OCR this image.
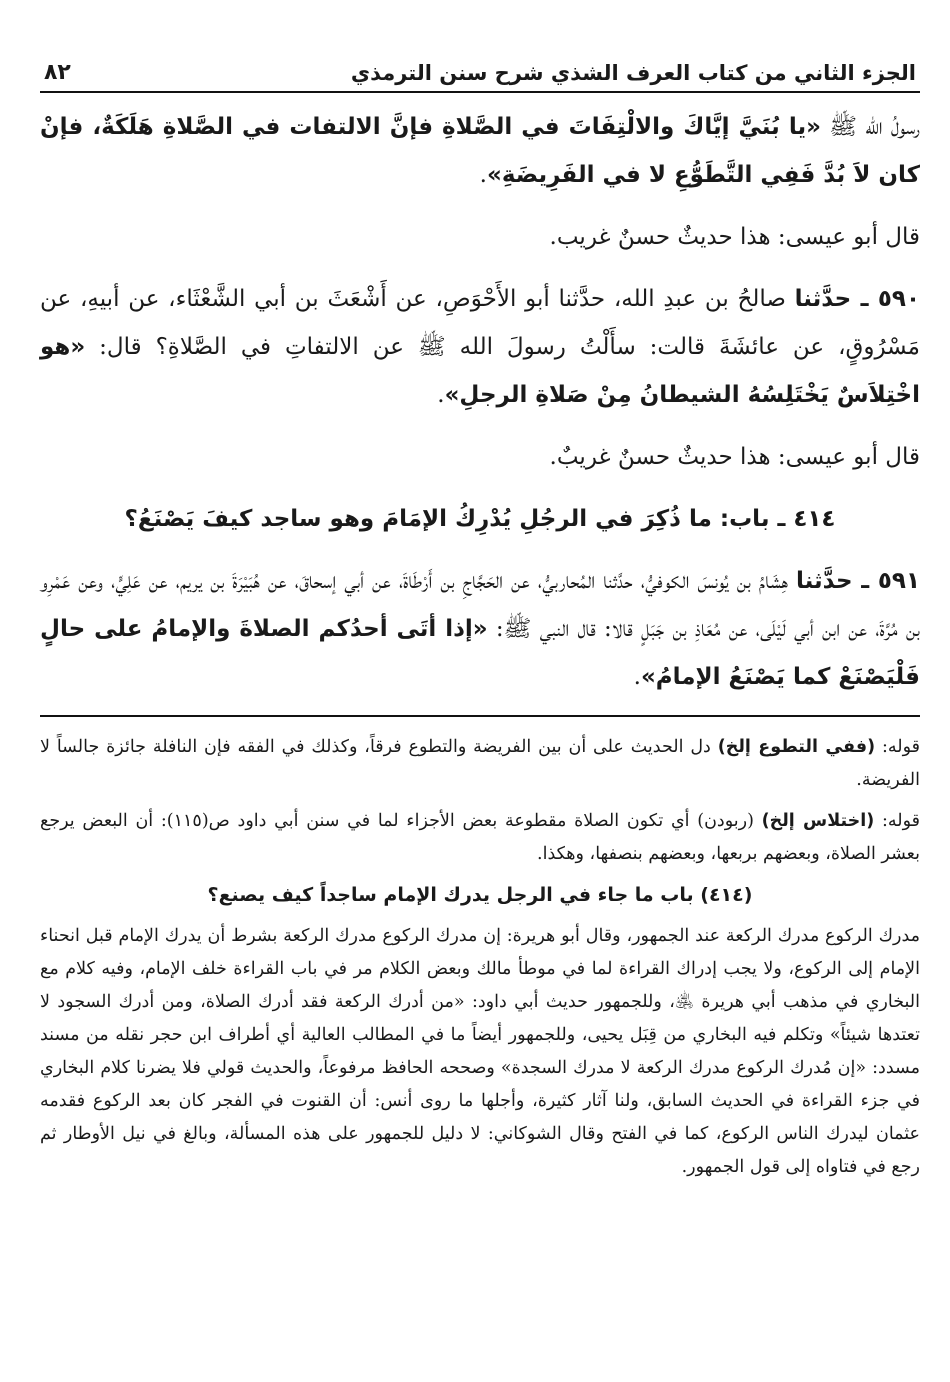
الجزء الثاني من كتاب العرف الشذي شرح سنن الترمذي
٨٢

رسولُ الله ﷺ «يا بُنَيَّ إيَّاكَ والالْتِفَاتَ في الصَّلاةِ فإنَّ الالتفات في الصَّلاةِ هَلَكَةٌ، فإنْ كان لاَ بُدَّ فَفِي التَّطَوُّعِ لا في الفَرِيضَةِ».

قال أبو عيسى: هذا حديثٌ حسنٌ غريب.

٥٩٠ ـ حدَّثنا صالحُ بن عبدِ الله، حدَّثنا أبو الأَحْوَصِ، عن أَشْعَثَ بن أبي الشَّعْثَاء، عن أبيهِ، عن مَسْرُوقٍ، عن عائشَةَ قالت: سأَلْتُ رسولَ الله ﷺ عن الالتفاتِ في الصَّلاةِ؟ قال: «هو اخْتِلاَسٌ يَخْتَلِسُهُ الشيطانُ مِنْ صَلاةِ الرجلِ».

قال أبو عيسى: هذا حديثٌ حسنٌ غريبٌ.

٤١٤ ـ باب: ما ذُكِرَ في الرجُلِ يُدْرِكُ الإمَامَ وهو ساجد كيفَ يَصْنَعُ؟

٥٩١ ـ حدَّثنا هِشَامُ بن يُونسَ الكوفيُّ، حدَّثنا المُحاربيُّ، عن الحَجَّاجِ بن أَرْطَاةَ، عن أبي إسحاقَ، عن هُبَيْرَةَ بن يريم، عن عَلِيٍّ، وعن عَمْرِو بن مُرَّةَ، عن ابن أبي لَيْلَى، عن مُعَاذِ بن جَبَلٍ قالا: قال النبي ﷺ: «إذا أتَى أحدُكم الصلاةَ والإمامُ على حالٍ فَلْيَصْنَعْ كما يَصْنَعُ الإمامُ».

قوله: (ففي التطوع إلخ) دل الحديث على أن بين الفريضة والتطوع فرقاً، وكذلك في الفقه فإن النافلة جائزة جالساً لا الفريضة.

قوله: (اختلاس إلخ) (ربودن) أي تكون الصلاة مقطوعة بعض الأجزاء لما في سنن أبي داود ص(١١٥): أن البعض يرجع بعشر الصلاة، وبعضهم بربعها، وبعضهم بنصفها، وهكذا.

(٤١٤) باب ما جاء في الرجل يدرك الإمام ساجداً كيف يصنع؟

مدرك الركوع مدرك الركعة عند الجمهور، وقال أبو هريرة: إن مدرك الركوع مدرك الركعة بشرط أن يدرك الإمام قبل انحناء الإمام إلى الركوع، ولا يجب إدراك القراءة لما في موطأ مالك وبعض الكلام مر في باب القراءة خلف الإمام، وفيه كلام مع البخاري في مذهب أبي هريرة ﵁، وللجمهور حديث أبي داود: «من أدرك الركعة فقد أدرك الصلاة، ومن أدرك السجود لا تعتدها شيئاً» وتكلم فيه البخاري من قِبَل يحيى، وللجمهور أيضاً ما في المطالب العالية أي أطراف ابن حجر نقله من مسند مسدد: «إن مُدرك الركوع مدرك الركعة لا مدرك السجدة» وصححه الحافظ مرفوعاً، والحديث قولي فلا يضرنا كلام البخاري في جزء القراءة في الحديث السابق، ولنا آثار كثيرة، وأجلها ما روى أنس: أن القنوت في الفجر كان بعد الركوع فقدمه عثمان ليدرك الناس الركوع، كما في الفتح وقال الشوكاني: لا دليل للجمهور على هذه المسألة، وبالغ في نيل الأوطار ثم رجع في فتاواه إلى قول الجمهور.
